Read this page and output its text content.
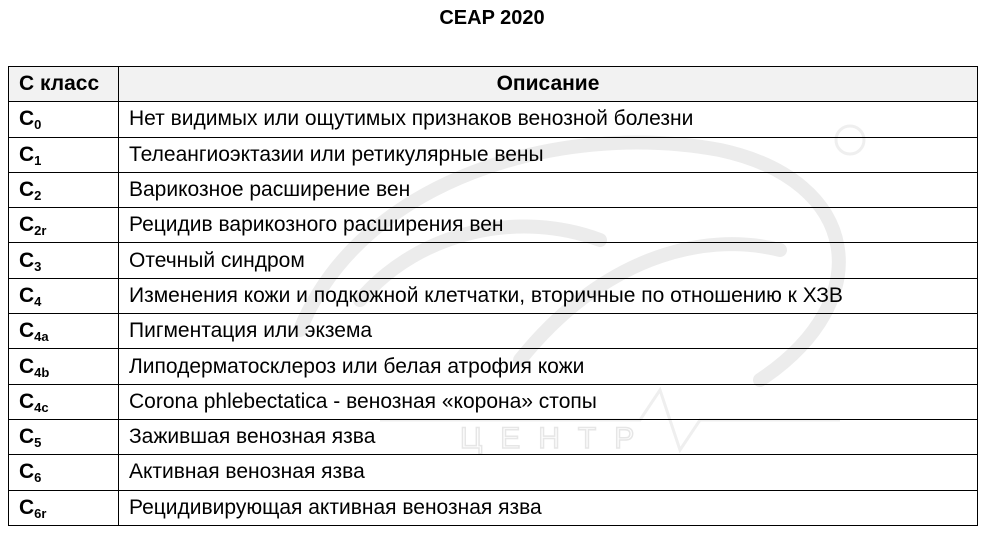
ЦЕНТР
CEAP 2020
С класс	Описание
$C_0$	Нет видимых или ощутимых признаков венозной болезни
$C_1$	Телеангиоэктазии или ретикулярные вены
$C_2$	Варикозное расширение вен
$C_{2r}$	Рецидив варикозного расширения вен
$C_3$	Отечный синдром
$C_4$	Изменения кожи и подкожной клетчатки, вторичные по отношению к ХЗВ
$C_{4a}$	Пигментация или экзема
$C_{4b}$	Липодерматосклероз или белая атрофия кожи
$C_{4c}$	Corona phlebectatica - венозная «корона» стопы
$C_5$	Зажившая венозная язва
$C_6$	Активная венозная язва
$C_{6r}$	Рецидивирующая активная венозная язва
